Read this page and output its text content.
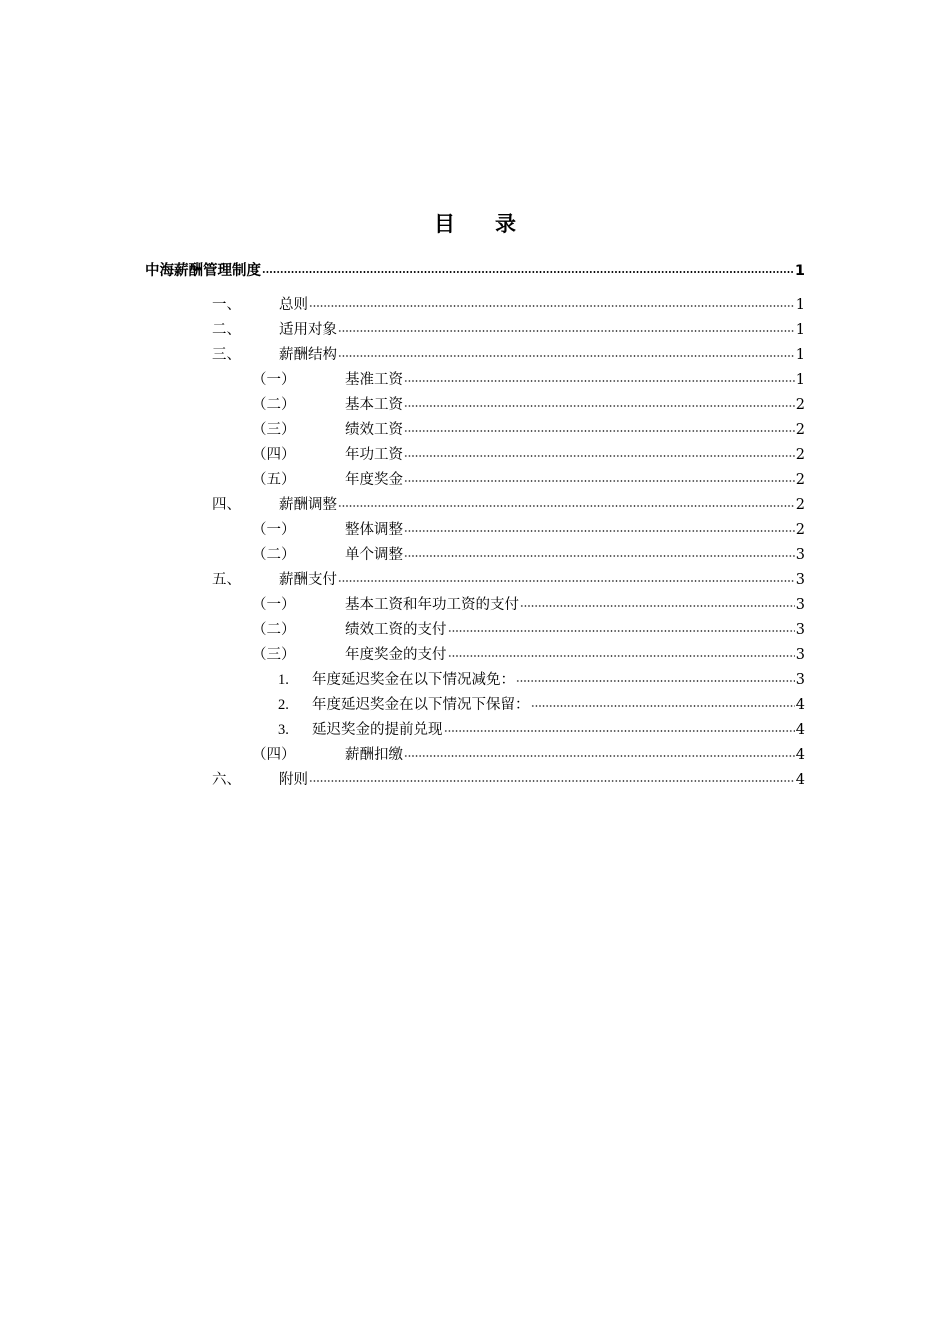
目录
中海薪酬管理制度	1
一、	总则	1
二、	适用对象	1
三、	薪酬结构	1
（一）	基准工资	1
（二）	基本工资	2
（三）	绩效工资	2
（四）	年功工资	2
（五）	年度奖金	2
四、	薪酬调整	2
（一）	整体调整	2
（二）	单个调整	3
五、	薪酬支付	3
（一）	基本工资和年功工资的支付	3
（二）	绩效工资的支付	3
（三）	年度奖金的支付	3
1.	年度延迟奖金在以下情况减免：	3
2.	年度延迟奖金在以下情况下保留：	4
3.	延迟奖金的提前兑现	4
（四）	薪酬扣缴	4
六、	附则	4
